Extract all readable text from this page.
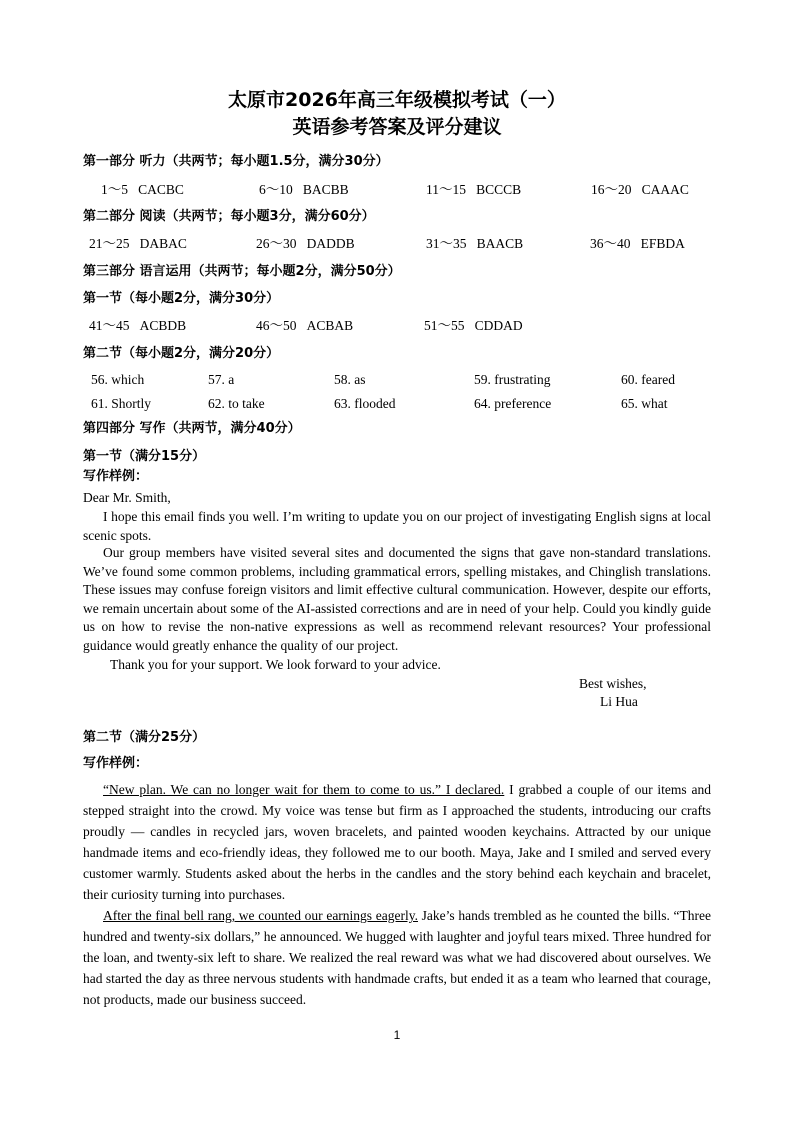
太原市2026年高三年级模拟考试（一）
英语参考答案及评分建议
第一部分 听力（共两节；每小题1.5分，满分30分）
1～5 CACBC	6～10 BACBB	11～15 BCCCB	16～20 CAAAC
第二部分 阅读（共两节；每小题3分，满分60分）
21～25 DABAC	26～30 DADDB	31～35 BAACB	36～40 EFBDA
第三部分 语言运用（共两节；每小题2分，满分50分）
第一节（每小题2分，满分30分）
41～45 ACBDB	46～50 ACBAB	51～55 CDDAD
第二节（每小题2分，满分20分）
56. which	57. a	58. as	59. frustrating	60. feared
61. Shortly	62. to take	63. flooded	64. preference	65. what
第四部分 写作（共两节，满分40分）
第一节（满分15分）
写作样例：
Dear Mr. Smith,

I hope this email finds you well. I’m writing to update you on our project of investigating English signs at local scenic spots.

Our group members have visited several sites and documented the signs that gave non-standard translations. We’ve found some common problems, including grammatical errors, spelling mistakes, and Chinglish translations. These issues may confuse foreign visitors and limit effective cultural communication. However, despite our efforts, we remain uncertain about some of the AI-assisted corrections and are in need of your help. Could you kindly guide us on how to revise the non-native expressions as well as recommend relevant resources? Your professional guidance would greatly enhance the quality of our project.

Thank you for your support. We look forward to your advice.
Best wishes,
Li Hua
第二节（满分25分）
写作样例：

“New plan. We can no longer wait for them to come to us.” I declared. I grabbed a couple of our items and stepped straight into the crowd. My voice was tense but firm as I approached the students, introducing our crafts proudly — candles in recycled jars, woven bracelets, and painted wooden keychains. Attracted by our unique handmade items and eco-friendly ideas, they followed me to our booth. Maya, Jake and I smiled and served every customer warmly. Students asked about the herbs in the candles and the story behind each keychain and bracelet, their curiosity turning into purchases.

After the final bell rang, we counted our earnings eagerly. Jake’s hands trembled as he counted the bills. “Three hundred and twenty-six dollars,” he announced. We hugged with laughter and joyful tears mixed. Three hundred for the loan, and twenty-six left to share. We realized the real reward was what we had discovered about ourselves. We had started the day as three nervous students with handmade crafts, but ended it as a team who learned that courage, not products, made our business succeed.

1
